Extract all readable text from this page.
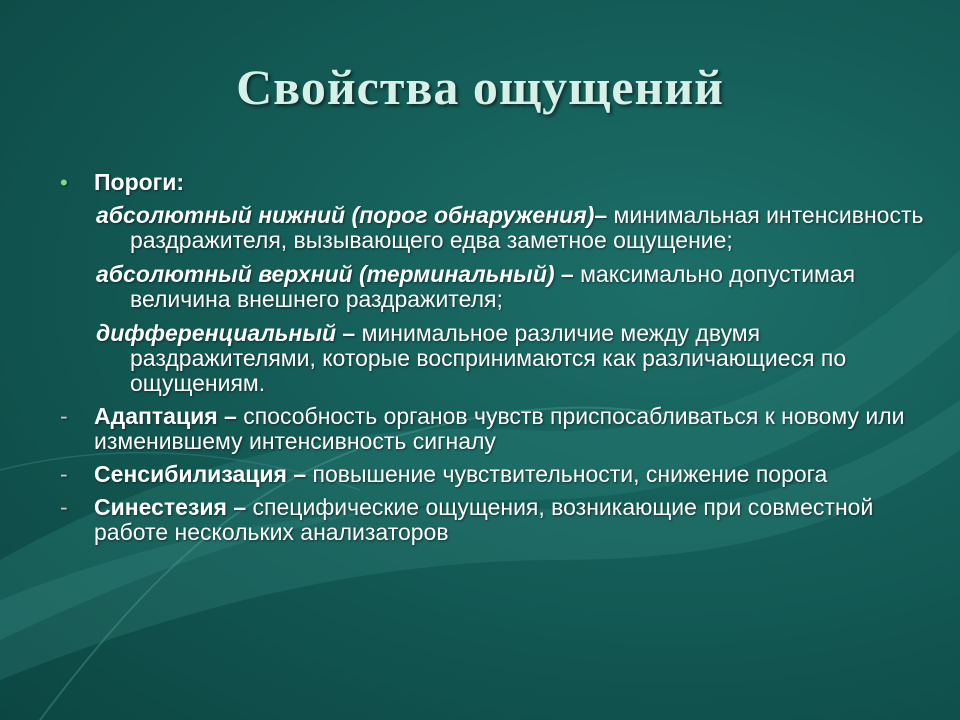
Свойства ощущений
• Пороги:

абсолютный нижний (порог обнаружения)– минимальная интенсивность раздражителя, вызывающего едва заметное ощущение;

абсолютный верхний (терминальный) – максимально допустимая величина внешнего раздражителя;

дифференциальный – минимальное различие между двумя раздражителями, которые воспринимаются как различающиеся по ощущениям.

- Адаптация – способность органов чувств приспосабливаться к новому или изменившему интенсивность сигналу
- Сенсибилизация – повышение чувствительности, снижение порога
- Синестезия – специфические ощущения, возникающие при совместной работе нескольких анализаторов
